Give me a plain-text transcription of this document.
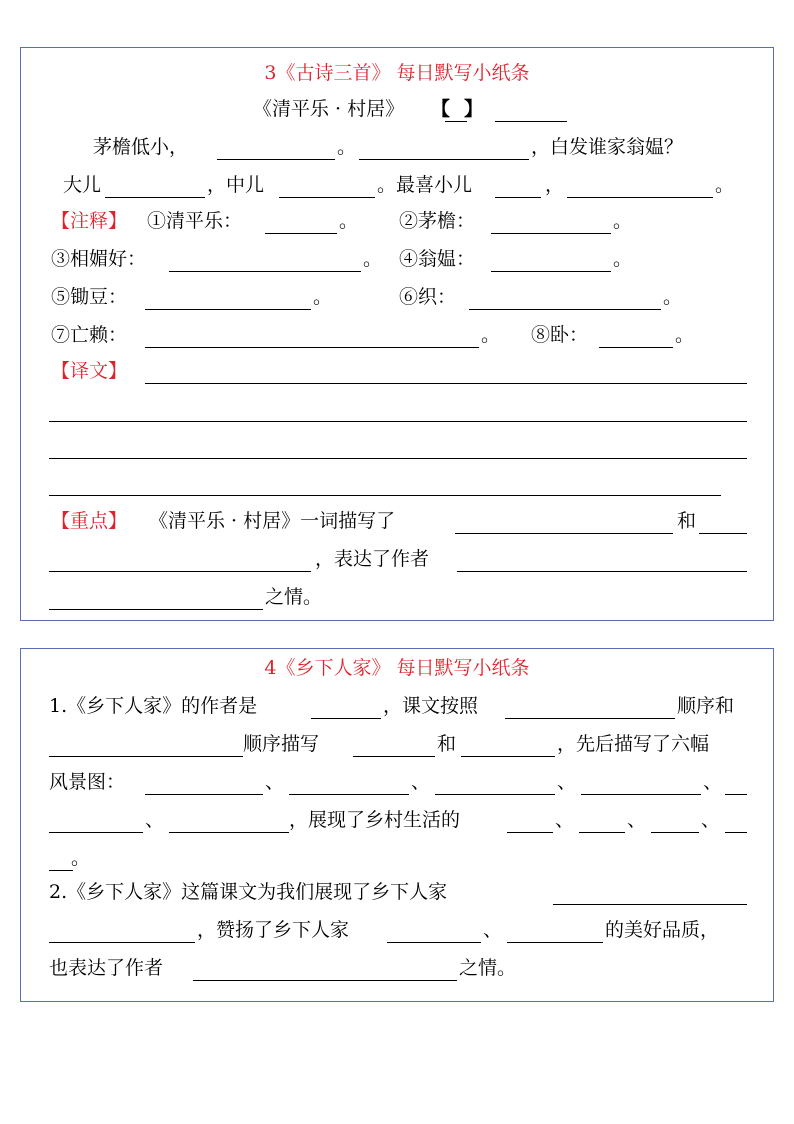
3《古诗三首》 每日默写小纸条
《清平乐 · 村居》 【 】
茅檐低小，	。	，白发谁家翁媪？
大儿	，中儿	。最喜小儿	，	。
【注释】 ①清平乐：	。 ②茅檐：	。
③相媚好：	。 ④翁媪：	。
⑤锄豆：	。	⑥织：	。
⑦亡赖：	。 ⑧卧：	。
【译文】
【重点】 《清平乐 · 村居》一词描写了	和
，表达了作者
之情。
4《乡下人家》 每日默写小纸条
1.《乡下人家》的作者是	，课文按照	顺序和
顺序描写	和	，先后描写了六幅
风景图：	、	、	、	、
、	，展现了乡村生活的	、	、	、
。
2.《乡下人家》这篇课文为我们展现了乡下人家
，赞扬了乡下人家	、	的美好品质，
也表达了作者	之情。
